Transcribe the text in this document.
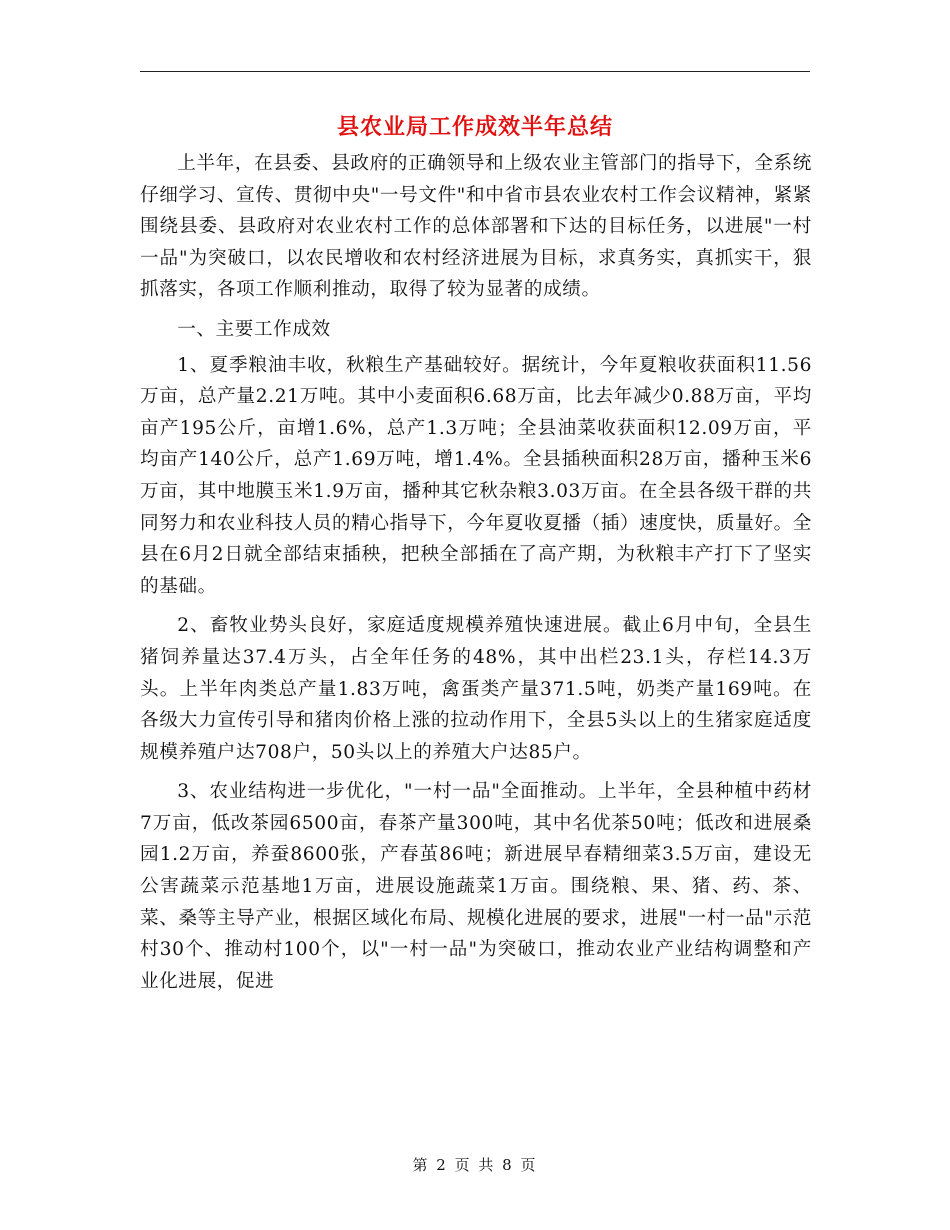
县农业局工作成效半年总结

上半年，在县委、县政府的正确领导和上级农业主管部门的指导下，全系统仔细学习、宣传、贯彻中央"一号文件"和中省市县农业农村工作会议精神，紧紧围绕县委、县政府对农业农村工作的总体部署和下达的目标任务，以进展"一村一品"为突破口，以农民增收和农村经济进展为目标，求真务实，真抓实干，狠抓落实，各项工作顺利推动，取得了较为显著的成绩。

一、主要工作成效

1、夏季粮油丰收，秋粮生产基础较好。据统计，今年夏粮收获面积11.56万亩，总产量2.21万吨。其中小麦面积6.68万亩，比去年减少0.88万亩，平均亩产195公斤，亩增1.6%，总产1.3万吨；全县油菜收获面积12.09万亩，平均亩产140公斤，总产1.69万吨，增1.4%。全县插秧面积28万亩，播种玉米6万亩，其中地膜玉米1.9万亩，播种其它秋杂粮3.03万亩。在全县各级干群的共同努力和农业科技人员的精心指导下，今年夏收夏播（插）速度快，质量好。全县在6月2日就全部结束插秧，把秧全部插在了高产期，为秋粮丰产打下了坚实的基础。

2、畜牧业势头良好，家庭适度规模养殖快速进展。截止6月中旬，全县生猪饲养量达37.4万头，占全年任务的48%，其中出栏23.1头，存栏14.3万头。上半年肉类总产量1.83万吨，禽蛋类产量371.5吨，奶类产量169吨。在各级大力宣传引导和猪肉价格上涨的拉动作用下，全县5头以上的生猪家庭适度规模养殖户达708户，50头以上的养殖大户达85户。

3、农业结构进一步优化，"一村一品"全面推动。上半年，全县种植中药材7万亩，低改茶园6500亩，春茶产量300吨，其中名优茶50吨；低改和进展桑园1.2万亩，养蚕8600张，产春茧86吨；新进展早春精细菜3.5万亩，建设无公害蔬菜示范基地1万亩，进展设施蔬菜1万亩。围绕粮、果、猪、药、茶、菜、桑等主导产业，根据区域化布局、规模化进展的要求，进展"一村一品"示范村30个、推动村100个，以"一村一品"为突破口，推动农业产业结构调整和产业化进展，促进

第 2 页 共 8 页
